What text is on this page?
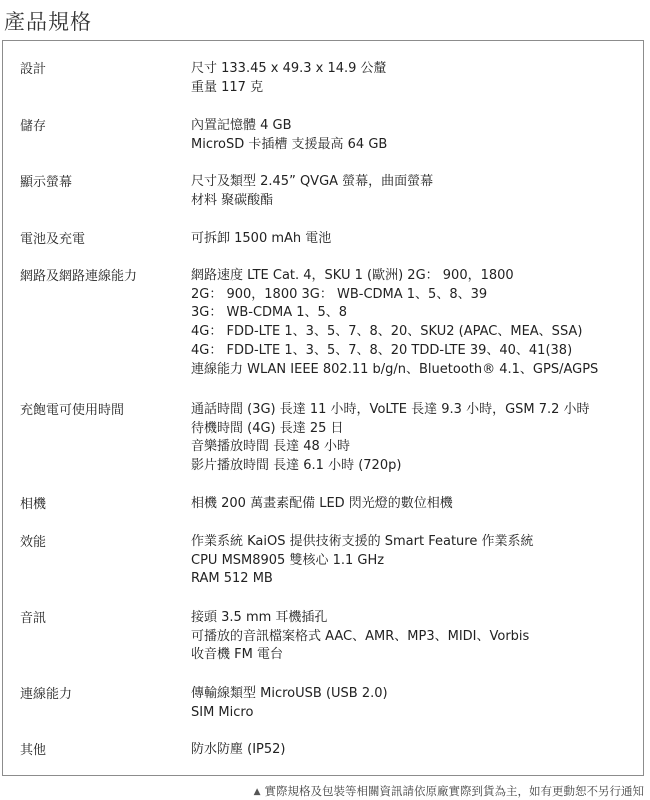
產品規格
設計	尺寸 133.45 x 49.3 x 14.9 公釐
重量 117 克
儲存	內置記憶體 4 GB
MicroSD 卡插槽 支援最高 64 GB
顯示螢幕	尺寸及類型 2.45” QVGA 螢幕，曲面螢幕
材料 聚碳酸酯
電池及充電	可拆卸 1500 mAh 電池
網路及網路連線能力	網路速度 LTE Cat. 4，SKU 1 (歐洲) 2G： 900，1800
2G： 900，1800 3G： WB-CDMA 1、5、8、39
3G： WB-CDMA 1、5、8
4G： FDD-LTE 1、3、5、7、8、20、SKU2 (APAC、MEA、SSA)
4G： FDD-LTE 1、3、5、7、8、20 TDD-LTE 39、40、41(38)
連線能力 WLAN IEEE 802.11 b/g/n、Bluetooth® 4.1、GPS/AGPS
充飽電可使用時間	通話時間 (3G) 長達 11 小時，VoLTE 長達 9.3 小時，GSM 7.2 小時
待機時間 (4G) 長達 25 日
音樂播放時間 長達 48 小時
影片播放時間 長達 6.1 小時 (720p)
相機	相機 200 萬畫素配備 LED 閃光燈的數位相機
效能	作業系統 KaiOS 提供技術支援的 Smart Feature 作業系統
CPU MSM8905 雙核心 1.1 GHz
RAM 512 MB
音訊	接頭 3.5 mm 耳機插孔
可播放的音訊檔案格式 AAC、AMR、MP3、MIDI、Vorbis
收音機 FM 電台
連線能力	傳輸線類型 MicroUSB (USB 2.0)
SIM Micro
其他	防水防塵 (IP52)
▲ 實際規格及包裝等相關資訊請依原廠實際到貨為主，如有更動恕不另行通知
